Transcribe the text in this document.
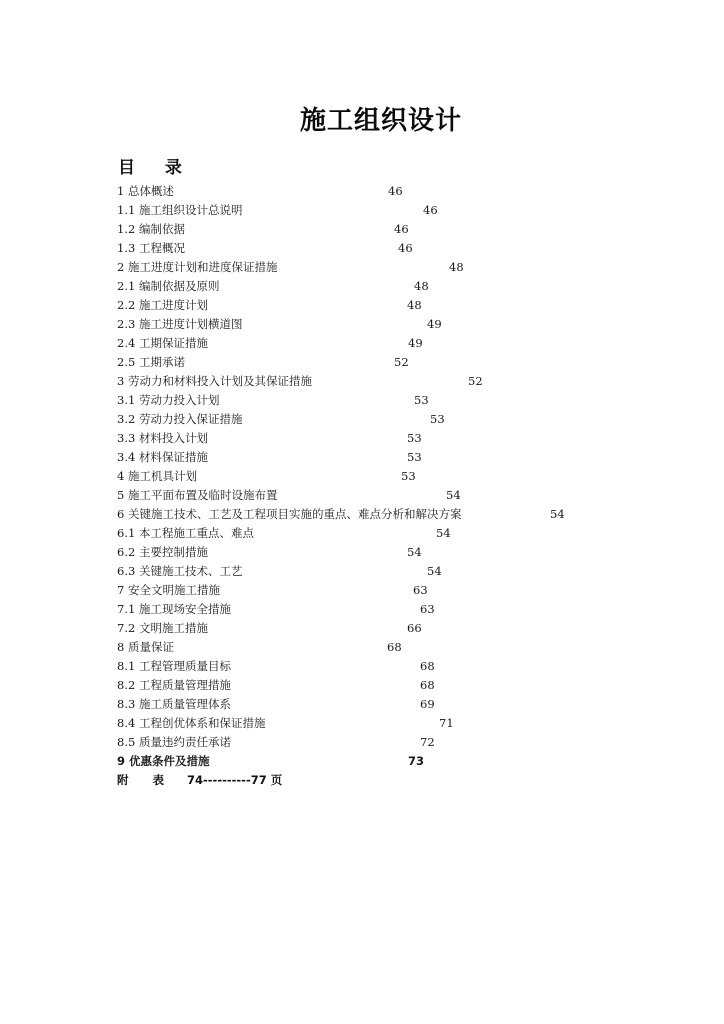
施工组织设计
目 录
1 总体概述	46
1.1 施工组织设计总说明	46
1.2 编制依据	46
1.3 工程概况	46
2 施工进度计划和进度保证措施	48
2.1 编制依据及原则	48
2.2 施工进度计划	48
2.3 施工进度计划横道图	49
2.4 工期保证措施	49
2.5 工期承诺	52
3 劳动力和材料投入计划及其保证措施	52
3.1 劳动力投入计划	53
3.2 劳动力投入保证措施	53
3.3 材料投入计划	53
3.4 材料保证措施	53
4 施工机具计划	53
5 施工平面布置及临时设施布置	54
6 关键施工技术、工艺及工程项目实施的重点、难点分析和解决方案	54
6.1 本工程施工重点、难点	54
6.2 主要控制措施	54
6.3 关键施工技术、工艺	54
7 安全文明施工措施	63
7.1 施工现场安全措施	63
7.2 文明施工措施	66
8 质量保证	68
8.1 工程管理质量目标	68
8.2 工程质量管理措施	68
8.3 施工质量管理体系	69
8.4 工程创优体系和保证措施	71
8.5 质量违约责任承诺	72
9 优惠条件及措施	73
附 表 74----------77 页
